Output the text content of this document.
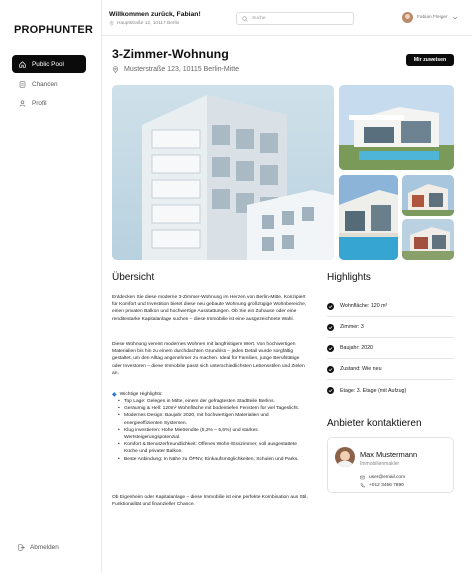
PROPHUNTER
Public Pool
Chancen
Profil
Abmelden
Willkommen zurück, Fabian!
Hauptstraße 12, 10117 Berlin
Suche	Fabian Fleiger
3-Zimmer-Wohnung
Musterstraße 123, 10115 Berlin-Mitte
Mir zuweisen
Übersicht

Entdecken Sie diese moderne 3-Zimmer-Wohnung im Herzen von Berlin-Mitte. Konzipiert für Komfort und Investition bietet diese neu gebaute Wohnung großzügige Wohnbereiche, einen privaten Balkon und hochwertige Ausstattungen. Ob Sie ein Zuhause oder eine renditestarke Kapitalanlage suchen – diese Immobilie ist eine ausgezeichnete Wahl.

Diese Wohnung vereint modernes Wohnen mit langfristigem Wert. Von hochwertigen Materialien bis hin zu einem durchdachten Grundriss – jedes Detail wurde sorgfältig gestaltet, um den Alltag angenehmer zu machen. Ideal für Familien, junge Berufstätige oder Investoren – diese Immobilie passt sich unterschiedlichsten Lebensstilen und Zielen an.

◆ Wichtige Highlights:
• Top Lage: Gelegen in Mitte, einem der gefragtesten Stadtteile Berlins.
• Geräumig & Hell: 120m² Wohnfläche mit bodentiefen Fenstern für viel Tageslicht.
• Modernes Design: Baujahr 2020, mit hochwertigen Materialien und energieeffizienten Systemen.
• Klug investieren: Hohe Mietrendite (5,2% – 5,6%) und starkes Wertsteigerungspotenzial.
• Komfort & Benutzerfreundlichkeit: Offenes Wohn-/Esszimmer, voll ausgestattete Küche und privater Balkon.
• Beste Anbindung: In Nähe zu ÖPNV, Einkaufsmöglichkeiten, Schulen und Parks.

Ob Eigenheim oder Kapitalanlage – diese Immobilie ist eine perfekte Kombination aus Stil, Funktionalität und finanzieller Chance.

Highlights
Wohnfläche: 120 m²
Zimmer: 3
Baujahr: 2020
Zustand: Wie neu
Etage: 3. Etage (mit Aufzug)
Anbieter kontaktieren
Max Mustermann
Immobilienmakler
user@email.com
+012 3456 7890
